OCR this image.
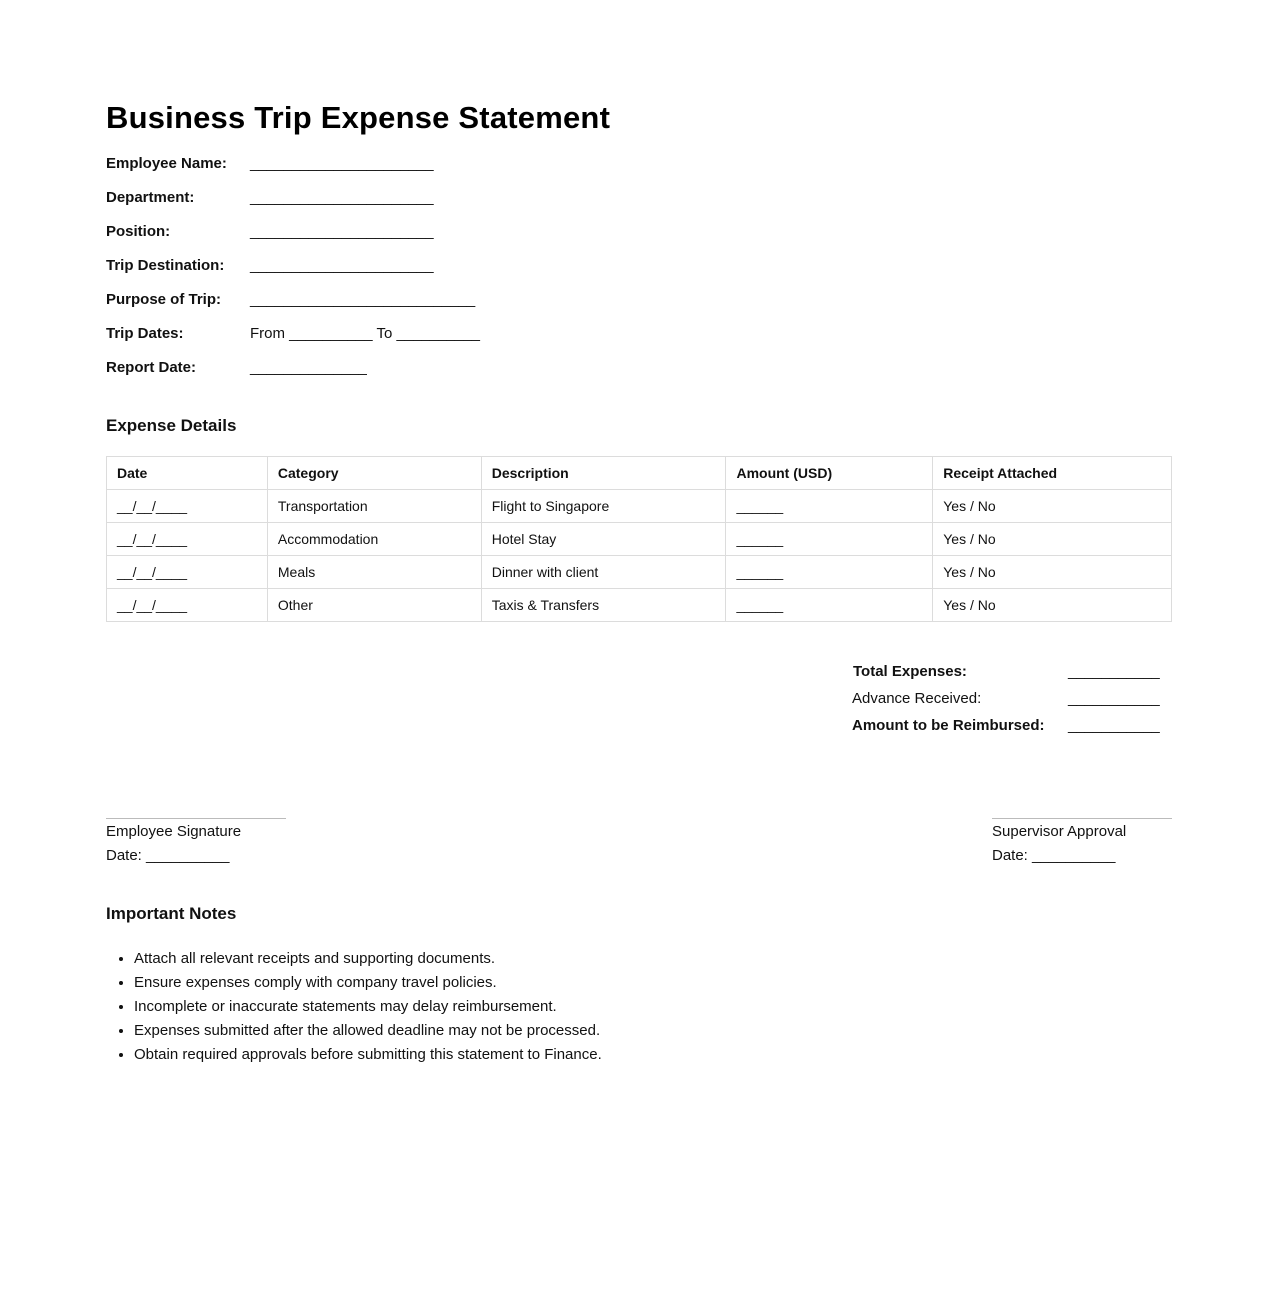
Business Trip Expense Statement
Employee Name: ______________________
Department:	______________________
Position:	______________________
Trip Destination: ______________________
Purpose of Trip: ___________________________
Trip Dates:	From __________ To __________
Report Date:	______________
Expense Details
Date	Category	Description	Amount (USD)	Receipt Attached
__/__/____	Transportation	Flight to Singapore	______	Yes / No
__/__/____	Accommodation	Hotel Stay	______	Yes / No
__/__/____	Meals	Dinner with client	______	Yes / No
__/__/____	Other	Taxis & Transfers	______	Yes / No
Total Expenses:	___________
Advance Received:	___________
Amount to be Reimbursed: ___________
Employee Signature
Date: __________
Supervisor Approval
Date: __________
Important Notes
• Attach all relevant receipts and supporting documents.
• Ensure expenses comply with company travel policies.
• Incomplete or inaccurate statements may delay reimbursement.
• Expenses submitted after the allowed deadline may not be processed.
• Obtain required approvals before submitting this statement to Finance.
